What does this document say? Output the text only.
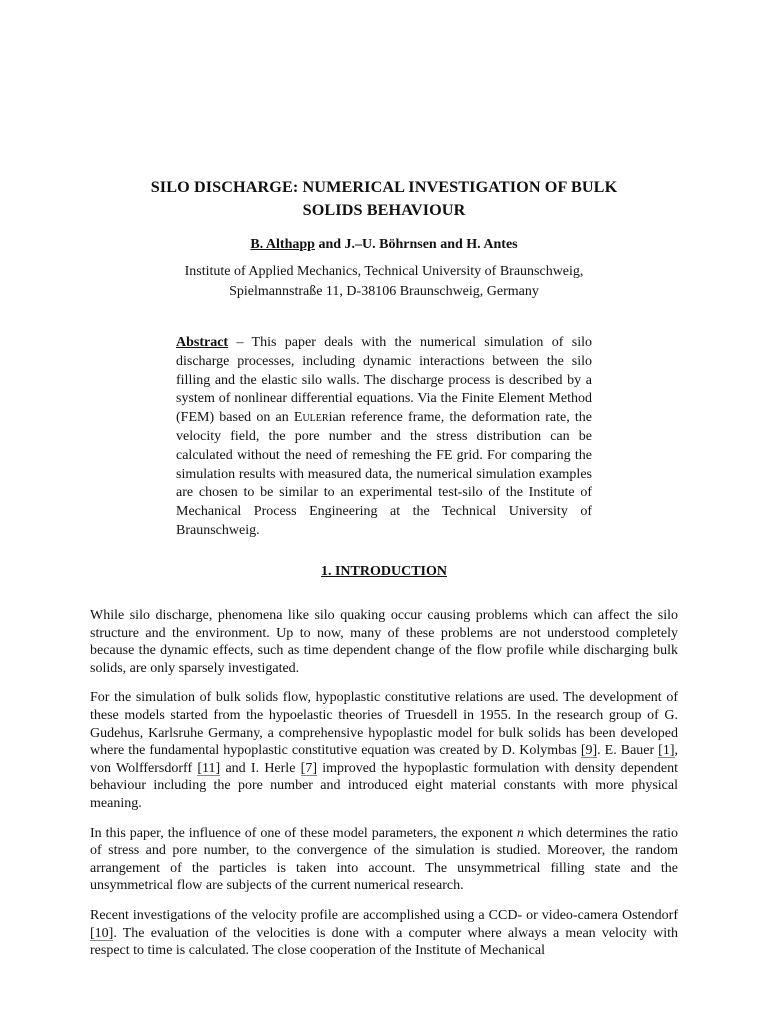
SILO DISCHARGE: NUMERICAL INVESTIGATION OF BULK
SOLIDS BEHAVIOUR
B. Althapp and J.–U. Böhrnsen and H. Antes
Institute of Applied Mechanics, Technical University of Braunschweig,
Spielmannstraße 11, D-38106 Braunschweig, Germany
Abstract – This paper deals with the numerical simulation of silo discharge processes, including dynamic interactions between the silo filling and the elastic silo walls. The discharge process is described by a system of nonlinear differential equations. Via the Finite Element Method (FEM) based on an Eulerian reference frame, the deformation rate, the velocity field, the pore number and the stress distribution can be calculated without the need of remeshing the FE grid. For comparing the simulation results with measured data, the numerical simulation examples are chosen to be similar to an experimental test-silo of the Institute of Mechanical Process Engineering at the Technical University of Braunschweig.
1. INTRODUCTION

While silo discharge, phenomena like silo quaking occur causing problems which can affect the silo structure and the environment. Up to now, many of these problems are not understood completely because the dynamic effects, such as time dependent change of the flow profile while discharging bulk solids, are only sparsely investigated.

For the simulation of bulk solids flow, hypoplastic constitutive relations are used. The development of these models started from the hypoelastic theories of Truesdell in 1955. In the research group of G. Gudehus, Karlsruhe Germany, a comprehensive hypoplastic model for bulk solids has been developed where the fundamental hypoplastic constitutive equation was created by D. Kolymbas [9]. E. Bauer [1], von Wolffersdorff [11] and I. Herle [7] improved the hypoplastic formulation with density dependent behaviour including the pore number and introduced eight material constants with more physical meaning.

In this paper, the influence of one of these model parameters, the exponent n which determines the ratio of stress and pore number, to the convergence of the simulation is studied. Moreover, the random arrangement of the particles is taken into account. The unsymmetrical filling state and the unsymmetrical flow are subjects of the current numerical research.

Recent investigations of the velocity profile are accomplished using a CCD- or video-camera Ostendorf [10]. The evaluation of the velocities is done with a computer where always a mean velocity with respect to time is calculated. The close cooperation of the Institute of Mechanical
